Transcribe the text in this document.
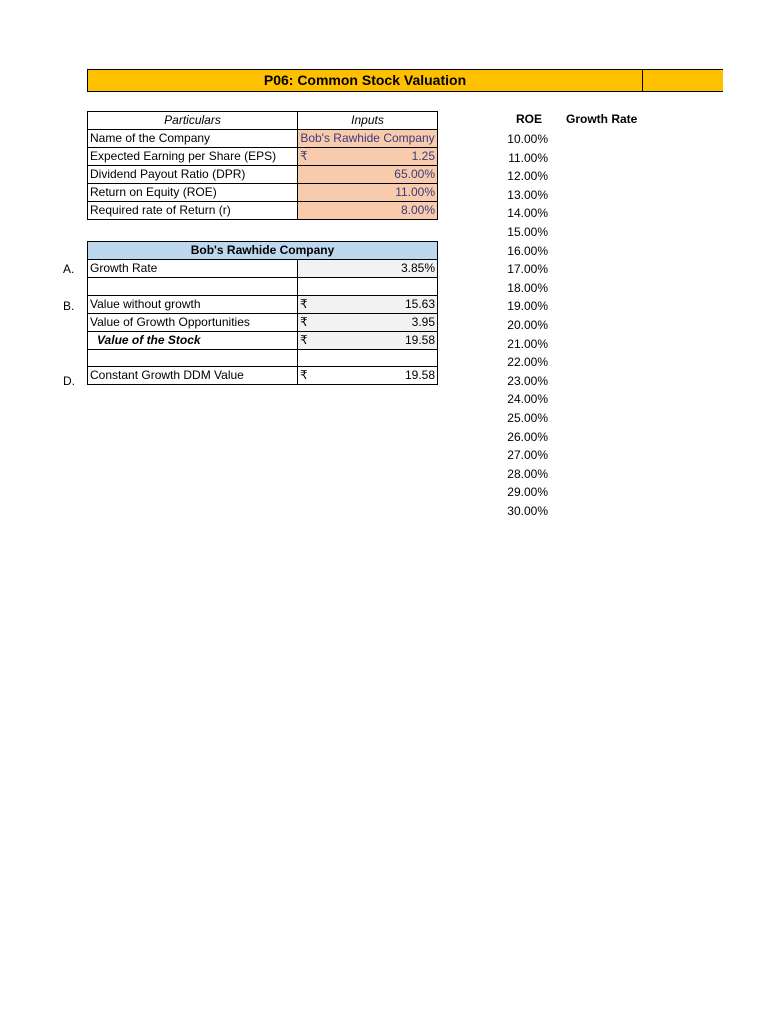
P06: Common Stock Valuation
Particulars	Inputs
Name of the Company	Bob's Rawhide Company
Expected Earning per Share (EPS)	₹ 1.25

Dividend Payout Ratio (DPR)	65.00%

Return on Equity (ROE)	11.00%

Required rate of Return (r)	8.00%
A.
B.
D.
Bob's Rawhide Company	
Growth Rate	3.85%

Value without growth	₹ 15.63

Value of Growth Opportunities	₹ 3.95

Value of the Stock	₹ 19.58

Constant Growth DDM Value	₹ 19.58
ROE	Growth Rate
10.00%
11.00%
12.00%
13.00%
14.00%
15.00%
16.00%
17.00%
18.00%
19.00%
20.00%
21.00%
22.00%
23.00%
24.00%
25.00%
26.00%
27.00%
28.00%
29.00%
30.00%
